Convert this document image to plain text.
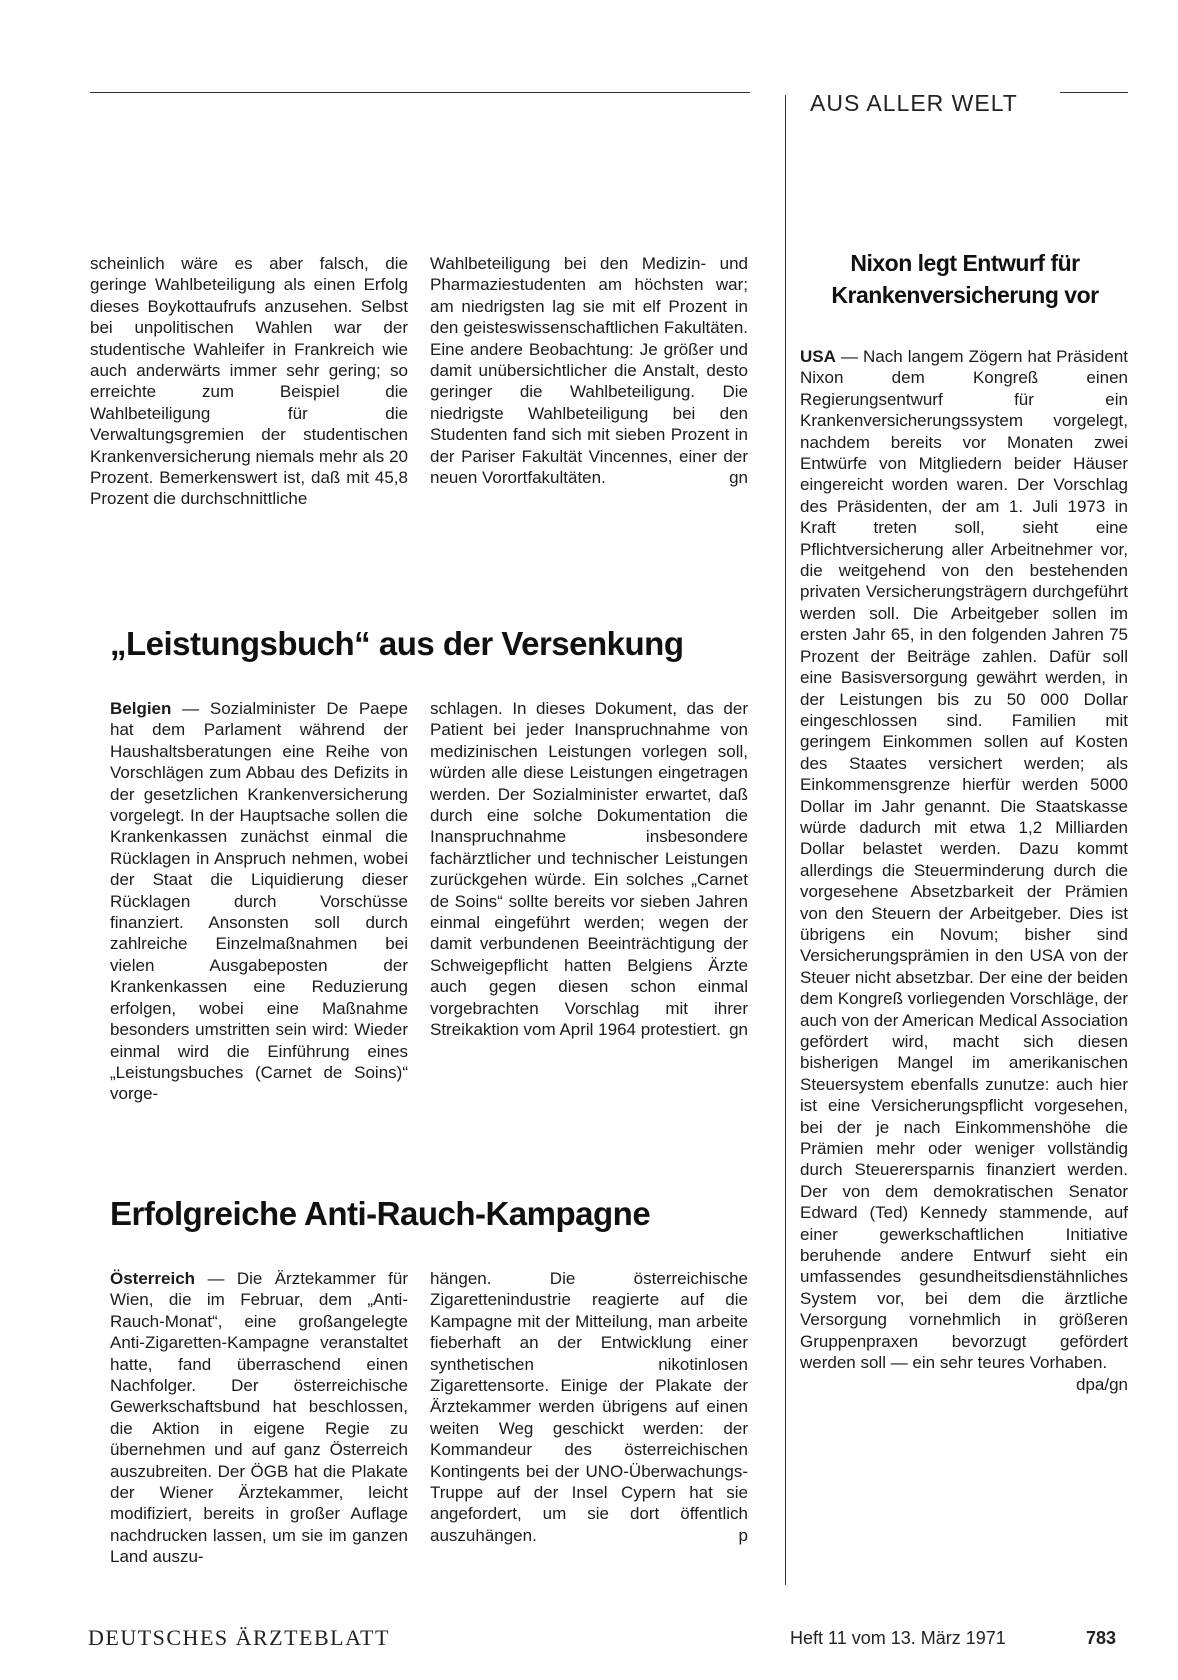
AUS ALLER WELT

scheinlich wäre es aber falsch, die geringe Wahlbeteiligung als einen Erfolg dieses Boykottaufrufs anzusehen. Selbst bei unpolitischen Wahlen war der studentische Wahleifer in Frankreich wie auch anderwärts immer sehr gering; so erreichte zum Beispiel die Wahlbeteiligung für die Verwaltungsgremien der studentischen Krankenversicherung niemals mehr als 20 Prozent. Bemerkenswert ist, daß mit 45,8 Prozent die durchschnittliche

Wahlbeteiligung bei den Medizin- und Pharmaziestudenten am höchsten war; am niedrigsten lag sie mit elf Prozent in den geisteswissenschaftlichen Fakultäten. Eine andere Beobachtung: Je größer und damit unübersichtlicher die Anstalt, desto geringer die Wahlbeteiligung. Die niedrigste Wahlbeteiligung bei den Studenten fand sich mit sieben Prozent in der Pariser Fakultät Vincennes, einer der neuen Vorortfakultäten.	gn

„Leistungsbuch“ aus der Versenkung

Belgien — Sozialminister De Paepe hat dem Parlament während der Haushaltsberatungen eine Reihe von Vorschlägen zum Abbau des Defizits in der gesetzlichen Krankenversicherung vorgelegt. In der Hauptsache sollen die Krankenkassen zunächst einmal die Rücklagen in Anspruch nehmen, wobei der Staat die Liquidierung dieser Rücklagen durch Vorschüsse finanziert. Ansonsten soll durch zahlreiche Einzelmaßnahmen bei vielen Ausgabeposten der Krankenkassen eine Reduzierung erfolgen, wobei eine Maßnahme besonders umstritten sein wird: Wieder einmal wird die Einführung eines „Leistungsbuches (Carnet de Soins)“ vorge-

schlagen. In dieses Dokument, das der Patient bei jeder Inanspruchnahme von medizinischen Leistungen vorlegen soll, würden alle diese Leistungen eingetragen werden. Der Sozialminister erwartet, daß durch eine solche Dokumentation die Inanspruchnahme insbesondere fachärztlicher und technischer Leistungen zurückgehen würde. Ein solches „Carnet de Soins“ sollte bereits vor sieben Jahren einmal eingeführt werden; wegen der damit verbundenen Beeinträchtigung der Schweigepflicht hatten Belgiens Ärzte auch gegen diesen schon einmal vorgebrachten Vorschlag mit ihrer Streikaktion vom April 1964 protestiert. gn

Erfolgreiche Anti-Rauch-Kampagne

Österreich — Die Ärztekammer für Wien, die im Februar, dem „Anti-Rauch-Monat“, eine großangelegte Anti-Zigaretten-Kampagne veranstaltet hatte, fand überraschend einen Nachfolger. Der österreichische Gewerkschaftsbund hat beschlossen, die Aktion in eigene Regie zu übernehmen und auf ganz Österreich auszubreiten. Der ÖGB hat die Plakate der Wiener Ärztekammer, leicht modifiziert, bereits in großer Auflage nachdrucken lassen, um sie im ganzen Land auszu-

hängen. Die österreichische Zigarettenindustrie reagierte auf die Kampagne mit der Mitteilung, man arbeite fieberhaft an der Entwicklung einer synthetischen nikotinlosen Zigarettensorte. Einige der Plakate der Ärztekammer werden übrigens auf einen weiten Weg geschickt werden: der Kommandeur des österreichischen Kontingents bei der UNO-Überwachungs-Truppe auf der Insel Cypern hat sie angefordert, um sie dort öffentlich auszuhängen.	p

Nixon legt Entwurf für
Krankenversicherung vor

USA — Nach langem Zögern hat Präsident Nixon dem Kongreß einen Regierungsentwurf für ein Krankenversicherungssystem vorgelegt, nachdem bereits vor Monaten zwei Entwürfe von Mitgliedern beider Häuser eingereicht worden waren. Der Vorschlag des Präsidenten, der am 1. Juli 1973 in Kraft treten soll, sieht eine Pflichtversicherung aller Arbeitnehmer vor, die weitgehend von den bestehenden privaten Versicherungsträgern durchgeführt werden soll. Die Arbeitgeber sollen im ersten Jahr 65, in den folgenden Jahren 75 Prozent der Beiträge zahlen. Dafür soll eine Basisversorgung gewährt werden, in der Leistungen bis zu 50 000 Dollar eingeschlossen sind. Familien mit geringem Einkommen sollen auf Kosten des Staates versichert werden; als Einkommensgrenze hierfür werden 5000 Dollar im Jahr genannt. Die Staatskasse würde dadurch mit etwa 1,2 Milliarden Dollar belastet werden. Dazu kommt allerdings die Steuerminderung durch die vorgesehene Absetzbarkeit der Prämien von den Steuern der Arbeitgeber. Dies ist übrigens ein Novum; bisher sind Versicherungsprämien in den USA von der Steuer nicht absetzbar. Der eine der beiden dem Kongreß vorliegenden Vorschläge, der auch von der American Medical Association gefördert wird, macht sich diesen bisherigen Mangel im amerikanischen Steuersystem ebenfalls zunutze: auch hier ist eine Versicherungspflicht vorgesehen, bei der je nach Einkommenshöhe die Prämien mehr oder weniger vollständig durch Steuerersparnis finanziert werden. Der von dem demokratischen Senator Edward (Ted) Kennedy stammende, auf einer gewerkschaftlichen Initiative beruhende andere Entwurf sieht ein umfassendes gesundheitsdienstähnliches System vor, bei dem die ärztliche Versorgung vornehmlich in größeren Gruppenpraxen bevorzugt gefördert werden soll — ein sehr teures Vorhaben.
dpa/gn

DEUTSCHES ÄRZTEBLATT	Heft 11 vom 13. März 1971	783
